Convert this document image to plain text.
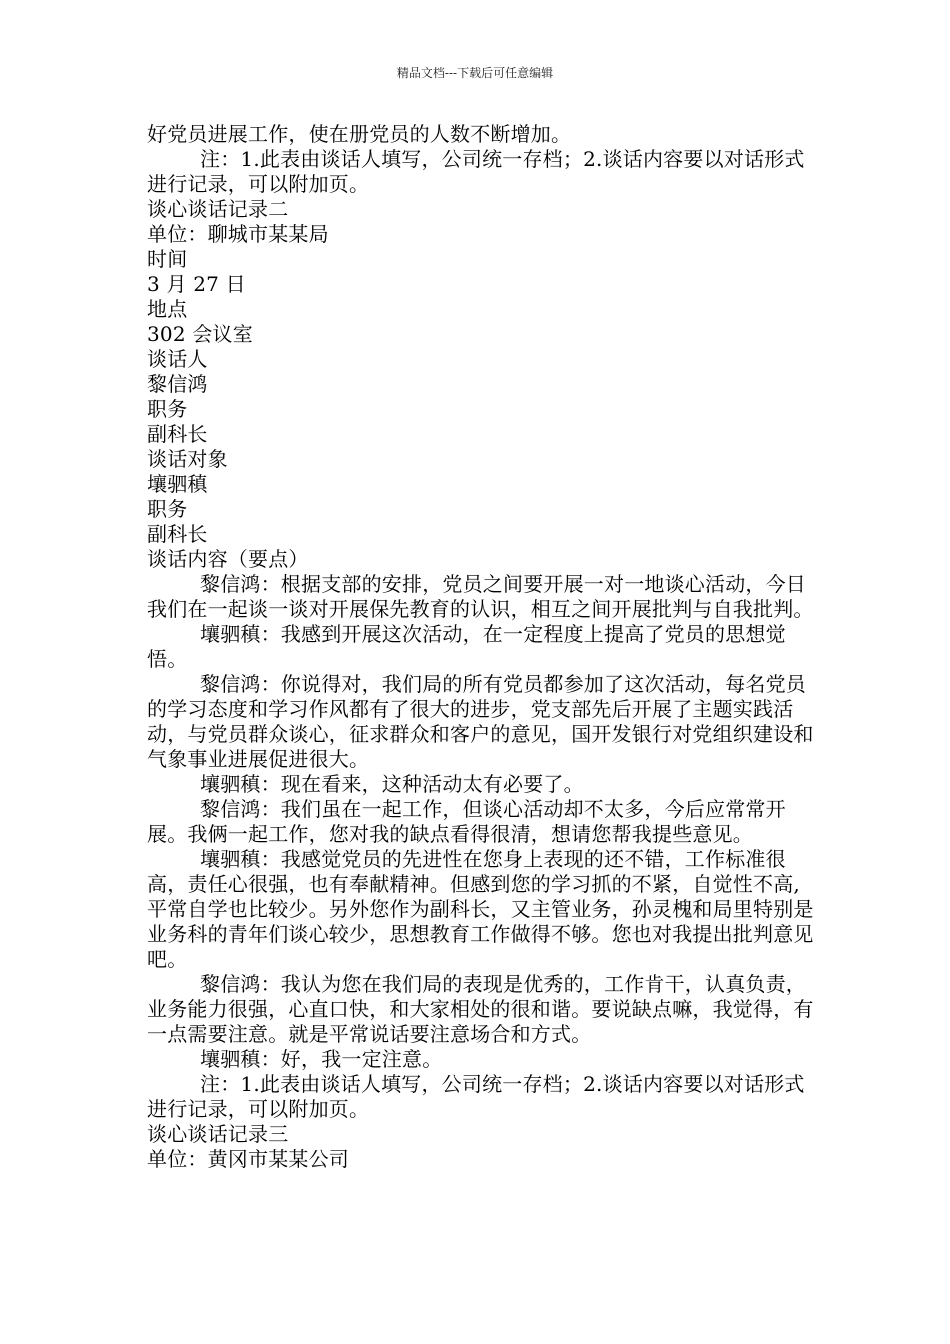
精品文档---下载后可任意编辑

好党员进展工作，使在册党员的人数不断增加。

注：1.此表由谈话人填写，公司统一存档；2.谈话内容要以对话形式进行记录，可以附加页。

谈心谈话记录二

单位：聊城市某某局

时间

3 月 27 日

地点

302 会议室

谈话人

黎信鸿

职务

副科长

谈话对象

壤驷稹

职务

副科长

谈话内容（要点）

黎信鸿：根据支部的安排，党员之间要开展一对一地谈心活动，今日我们在一起谈一谈对开展保先教育的认识，相互之间开展批判与自我批判。

壤驷稹：我感到开展这次活动，在一定程度上提高了党员的思想觉悟。

黎信鸿：你说得对，我们局的所有党员都参加了这次活动，每名党员的学习态度和学习作风都有了很大的进步，党支部先后开展了主题实践活动，与党员群众谈心，征求群众和客户的意见，国开发银行对党组织建设和气象事业进展促进很大。

壤驷稹：现在看来，这种活动太有必要了。

黎信鸿：我们虽在一起工作，但谈心活动却不太多，今后应常常开展。我俩一起工作，您对我的缺点看得很清，想请您帮我提些意见。

壤驷稹：我感觉党员的先进性在您身上表现的还不错，工作标准很高，责任心很强，也有奉献精神。但感到您的学习抓的不紧，自觉性不高,平常自学也比较少。另外您作为副科长，又主管业务，孙灵槐和局里特别是业务科的青年们谈心较少，思想教育工作做得不够。您也对我提出批判意见吧。

黎信鸿：我认为您在我们局的表现是优秀的，工作肯干，认真负责，业务能力很强，心直口快，和大家相处的很和谐。要说缺点嘛，我觉得，有一点需要注意。就是平常说话要注意场合和方式。

壤驷稹：好，我一定注意。

注：1.此表由谈话人填写，公司统一存档；2.谈话内容要以对话形式进行记录，可以附加页。

谈心谈话记录三

单位：黄冈市某某公司
